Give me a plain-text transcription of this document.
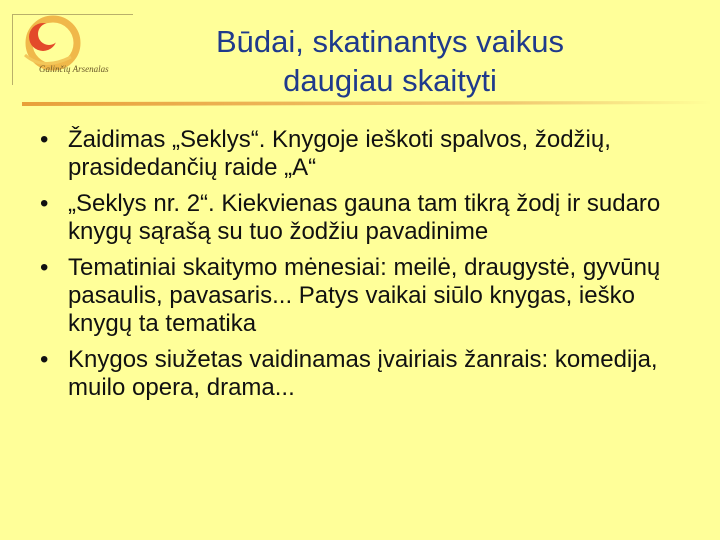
Galinčių Arsenalas
Būdai, skatinantys vaikus
daugiau skaityti
• Žaidimas „Seklys“. Knygoje ieškoti spalvos, žodžių, prasidedančių raide „A“
• „Seklys nr. 2“. Kiekvienas gauna tam tikrą žodį ir sudaro knygų sąrašą su tuo žodžiu pavadinime
• Tematiniai skaitymo mėnesiai: meilė, draugystė, gyvūnų pasaulis, pavasaris... Patys vaikai siūlo knygas, ieško knygų ta tematika
• Knygos siužetas vaidinamas įvairiais žanrais: komedija, muilo opera, drama...
